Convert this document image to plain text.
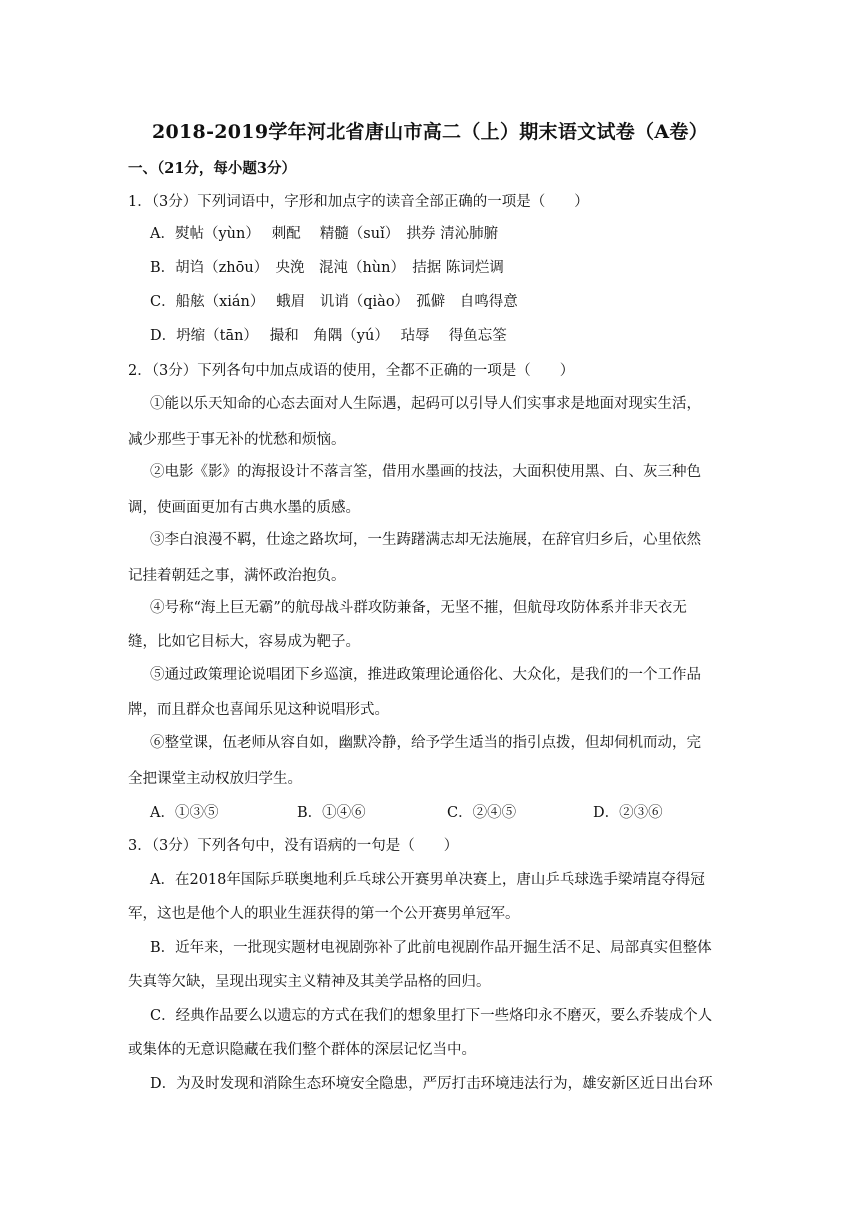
2018-2019学年河北省唐山市高二（上）期末语文试卷（A卷）
一、（21分，每小题3分）
1．（3分）下列词语中，字形和加点字的读音全部正确的一项是（　　）
A．熨帖（yùn）　 刺配　 精髓（suǐ）　拱券 清沁肺腑
B．胡诌（zhōu）　央浼　混沌（hùn）　拮据 陈词烂调
C．船舷（xián）　 蛾眉　讥诮（qiào）　孤僻　自鸣得意
D．坍缩（tān）　 撮和　角隅（yú）　 玷辱　 得鱼忘筌
2．（3分）下列各句中加点成语的使用，全都不正确的一项是（　　）
①能以乐天知命的心态去面对人生际遇，起码可以引导人们实事求是地面对现实生活，
减少那些于事无补的忧愁和烦恼。
②电影《影》的海报设计不落言筌，借用水墨画的技法，大面积使用黑、白、灰三种色
调，使画面更加有古典水墨的质感。
③李白浪漫不羁，仕途之路坎坷，一生踌躇满志却无法施展，在辞官归乡后，心里依然
记挂着朝廷之事，满怀政治抱负。
④号称“海上巨无霸”的航母战斗群攻防兼备，无坚不摧，但航母攻防体系并非天衣无
缝，比如它目标大，容易成为靶子。
⑤通过政策理论说唱团下乡巡演，推进政策理论通俗化、大众化，是我们的一个工作品
牌，而且群众也喜闻乐见这种说唱形式。
⑥整堂课，伍老师从容自如，幽默冷静，给予学生适当的指引点拨，但却伺机而动，完
全把课堂主动权放归学生。
A．①③⑤	B．①④⑥	C．②④⑤	D．②③⑥
3．（3分）下列各句中，没有语病的一句是（　　）
A．在2018年国际乒联奥地利乒乓球公开赛男单决赛上，唐山乒乓球选手梁靖崑夺得冠
军，这也是他个人的职业生涯获得的第一个公开赛男单冠军。
B．近年来，一批现实题材电视剧弥补了此前电视剧作品开掘生活不足、局部真实但整体
失真等欠缺，呈现出现实主义精神及其美学品格的回归。
C．经典作品要么以遗忘的方式在我们的想象里打下一些烙印永不磨灭，要么乔装成个人
或集体的无意识隐藏在我们整个群体的深层记忆当中。
D．为及时发现和消除生态环境安全隐患，严厉打击环境违法行为，雄安新区近日出台环
